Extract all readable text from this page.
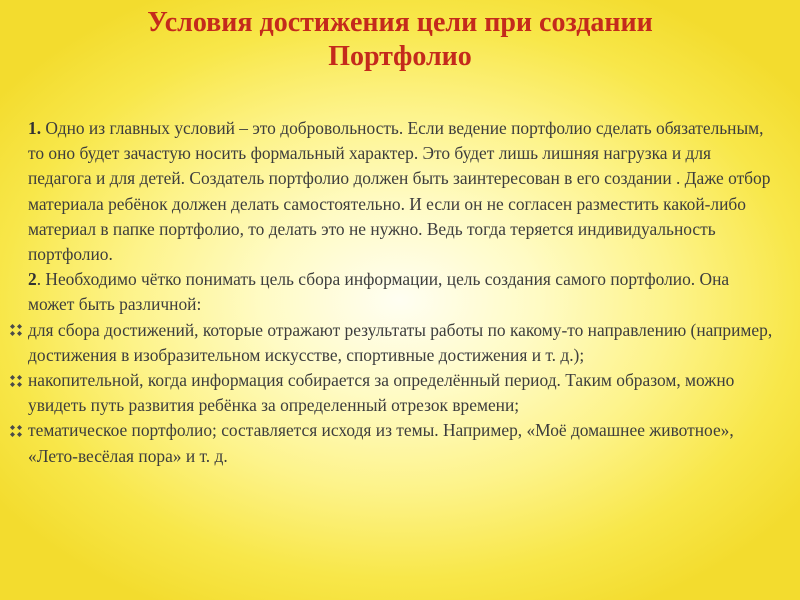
Условия достижения цели при создании
Портфолио

1. Одно из главных условий – это добровольность. Если ведение портфолио сделать обязательным, то оно будет зачастую носить формальный характер. Это будет лишь лишняя нагрузка и для педагога и для детей. Создатель портфолио должен быть заинтересован в его создании . Даже отбор материала ребёнок должен делать самостоятельно. И если он не согласен разместить какой-либо материал в папке портфолио, то делать это не нужно. Ведь тогда теряется индивидуальность портфолио.

2. Необходимо чётко понимать цель сбора информации, цель создания самого портфолио. Она может быть различной:

для сбора достижений, которые отражают результаты работы по какому-то направлению (например, достижения в изобразительном искусстве, спортивные достижения и т. д.);

накопительной, когда информация собирается за определённый период. Таким образом, можно увидеть путь развития ребёнка за определенный отрезок времени;

тематическое портфолио; составляется исходя из темы. Например, «Моё домашнее животное», «Лето-весёлая пора» и т. д.
